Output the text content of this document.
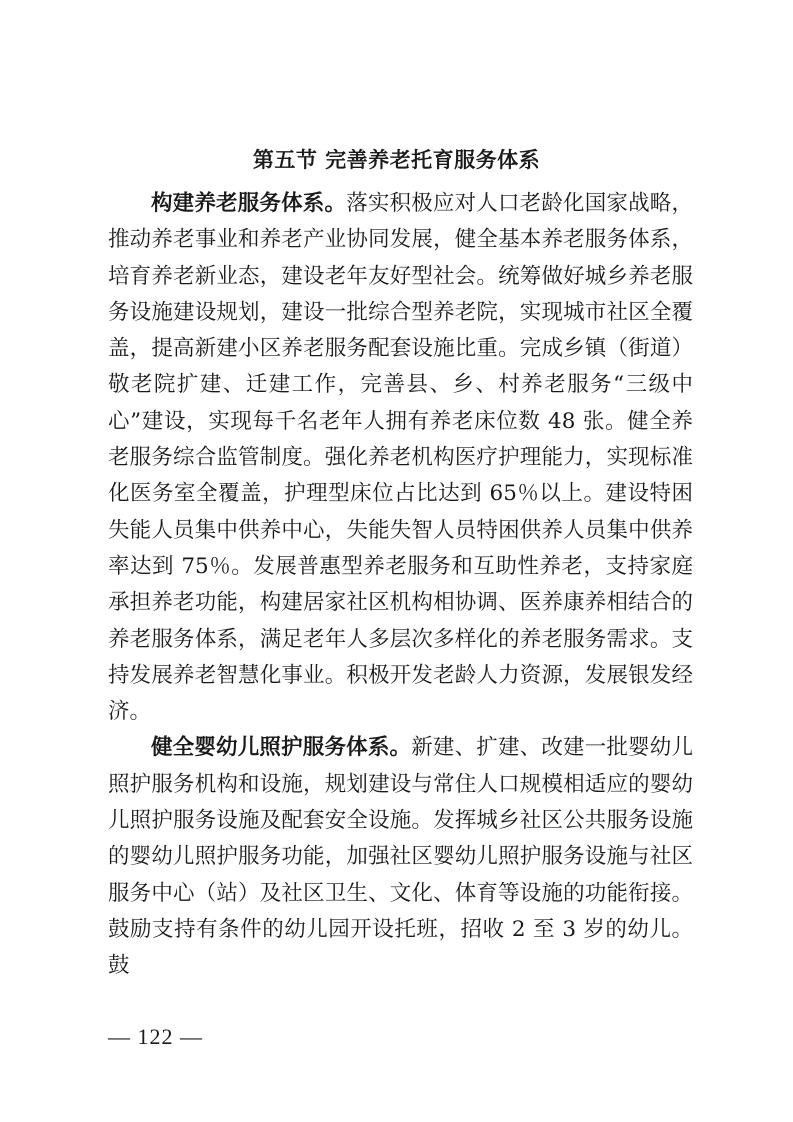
第五节 完善养老托育服务体系

构建养老服务体系。落实积极应对人口老龄化国家战略，推动养老事业和养老产业协同发展，健全基本养老服务体系，培育养老新业态，建设老年友好型社会。统筹做好城乡养老服务设施建设规划，建设一批综合型养老院，实现城市社区全覆盖，提高新建小区养老服务配套设施比重。完成乡镇（街道）敬老院扩建、迁建工作，完善县、乡、村养老服务“三级中心”建设，实现每千名老年人拥有养老床位数 48 张。健全养老服务综合监管制度。强化养老机构医疗护理能力，实现标准化医务室全覆盖，护理型床位占比达到 65％以上。建设特困失能人员集中供养中心，失能失智人员特困供养人员集中供养率达到 75％。发展普惠型养老服务和互助性养老，支持家庭承担养老功能，构建居家社区机构相协调、医养康养相结合的养老服务体系，满足老年人多层次多样化的养老服务需求。支持发展养老智慧化事业。积极开发老龄人力资源，发展银发经济。

健全婴幼儿照护服务体系。新建、扩建、改建一批婴幼儿照护服务机构和设施，规划建设与常住人口规模相适应的婴幼儿照护服务设施及配套安全设施。发挥城乡社区公共服务设施的婴幼儿照护服务功能，加强社区婴幼儿照护服务设施与社区服务中心（站）及社区卫生、文化、体育等设施的功能衔接。鼓励支持有条件的幼儿园开设托班，招收 2 至 3 岁的幼儿。鼓

— 122 —
